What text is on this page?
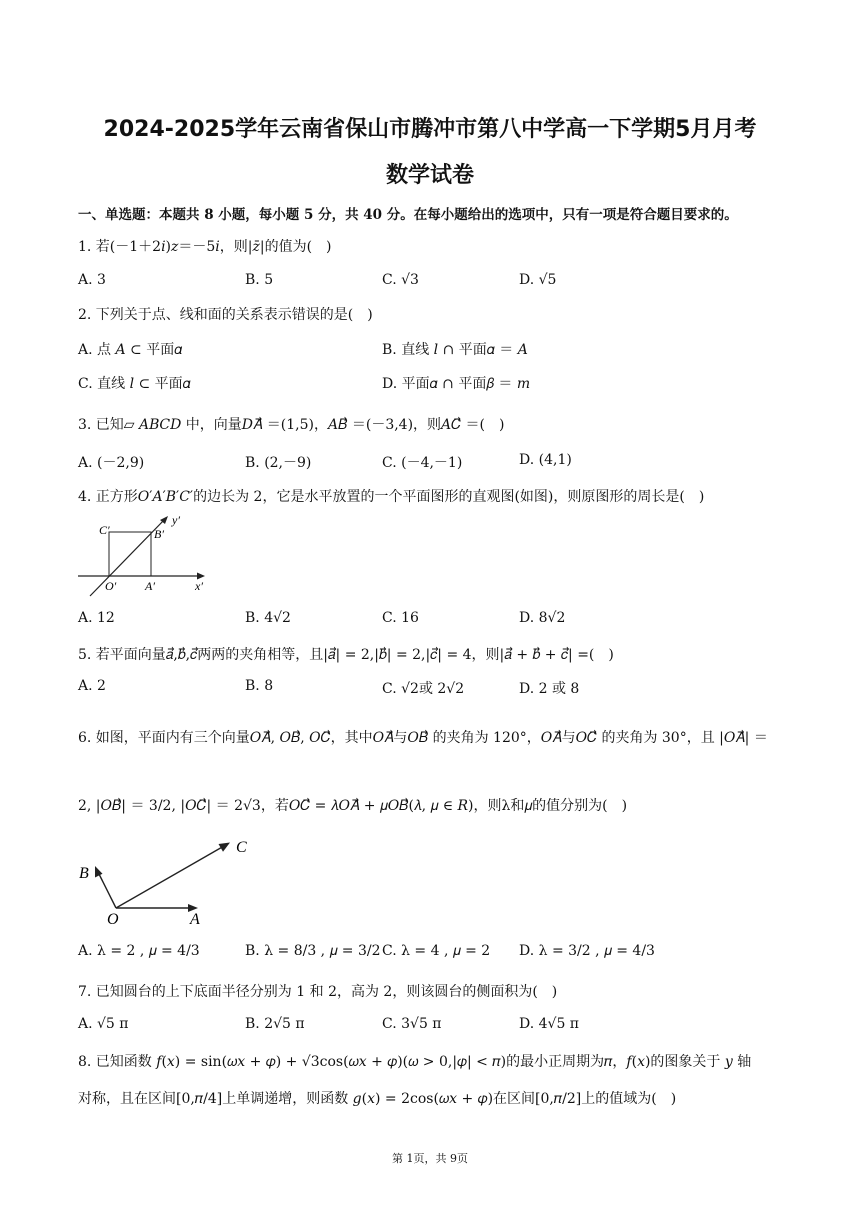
2024-2025学年云南省保山市腾冲市第八中学高一下学期5月月考
数学试卷
一、单选题：本题共 8 小题，每小题 5 分，共 40 分。在每小题给出的选项中，只有一项是符合题目要求的。
1. 若(－1＋2𝑖)𝑧＝－5𝑖，则|𝑧̄|的值为(　)
A. 3	B. 5	C. √3	D. √5
2. 下列关于点、线和面的关系表示错误的是(　)
A. 点 𝐴 ⊂ 平面𝛼	B. 直线 𝑙 ∩ 平面𝛼 ＝ 𝐴
C. 直线 𝑙 ⊂ 平面𝛼	D. 平面𝛼 ∩ 平面𝛽 ＝ 𝑚
3. 已知▱ 𝐴𝐵𝐶𝐷 中，向量𝐷𝐴⃗ ＝(1,5)，𝐴𝐵⃗ ＝(－3,4)，则𝐴𝐶⃗ ＝(　)
A. (－2,9)	B. (2,－9)	C. (－4,－1)	D. (4,1)
4. 正方形𝑂′𝐴′𝐵′𝐶′的边长为 2，它是水平放置的一个平面图形的直观图(如图)，则原图形的周长是(　)
C′	B′
O′ A′	x′
y′
A. 12	B. 4√2	C. 16	D. 8√2
5. 若平面向量𝑎⃗,𝑏⃗,𝑐⃗两两的夹角相等，且|𝑎⃗| = 2,|𝑏⃗| = 2,|𝑐⃗| = 4，则|𝑎⃗ + 𝑏⃗ + 𝑐⃗| =(　)
A. 2	B. 8	C. √2或 2√2	D. 2 或 8
6. 如图，平面内有三个向量𝑂𝐴⃗, 𝑂𝐵⃗, 𝑂𝐶⃗，其中𝑂𝐴⃗与𝑂𝐵⃗ 的夹角为 120°，𝑂𝐴⃗与𝑂𝐶⃗ 的夹角为 30°，且 |𝑂𝐴⃗| ＝
2, |𝑂𝐵⃗| ＝ 3/2, |𝑂𝐶⃗| ＝ 2√3，若𝑂𝐶⃗ = 𝜆𝑂𝐴⃗ + 𝜇𝑂𝐵⃗(𝜆, 𝜇 ∈ 𝑅)，则λ和𝜇的值分别为(　)
B
C
O	A
A. λ = 2 , 𝜇 = 4/3	B. λ = 8/3 , 𝜇 = 3/2 C. λ = 4 , 𝜇 = 2 D. λ = 3/2 , 𝜇 = 4/3
7. 已知圆台的上下底面半径分别为 1 和 2，高为 2，则该圆台的侧面积为(　)
A. √5 π	B. 2√5 π	C. 3√5 π	D. 4√5 π
8. 已知函数 𝑓(𝑥) = sin(𝜔𝑥 + 𝜑) + √3cos(𝜔𝑥 + 𝜑)(𝜔 > 0,|𝜑| < 𝜋)的最小正周期为𝜋，𝑓(𝑥)的图象关于 𝑦 轴
对称，且在区间[0,𝜋/4]上单调递增，则函数 𝑔(𝑥) = 2cos(𝜔𝑥 + 𝜑)在区间[0,𝜋/2]上的值域为(　)
第 1页，共 9页
